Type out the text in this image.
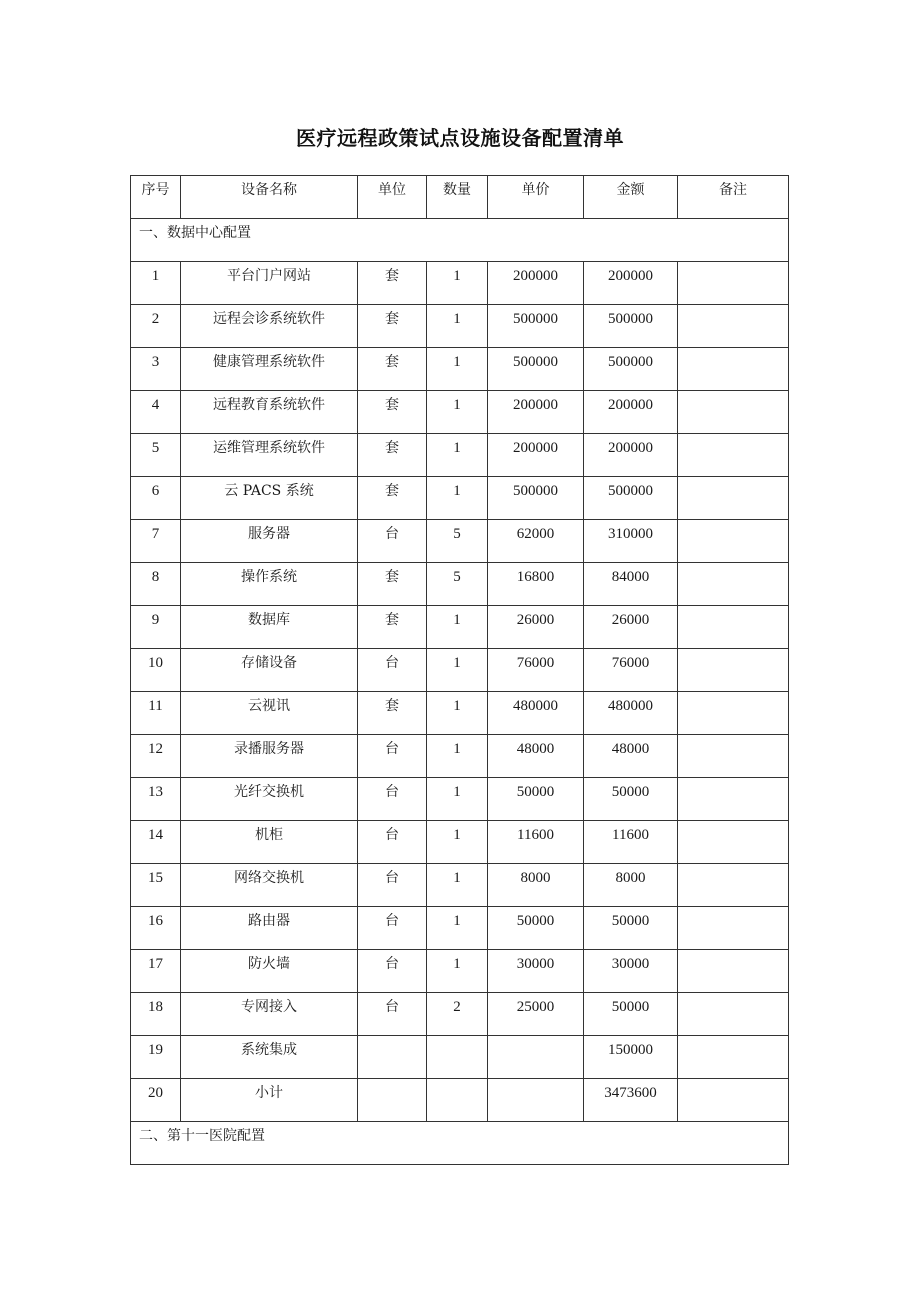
医疗远程政策试点设施设备配置清单
序号	设备名称	单位	数量	单价	金额	备注
一、数据中心配置						
1	平台门户网站	套	1	200000	200000	
2	远程会诊系统软件	套	1	500000	500000	
3	健康管理系统软件	套	1	500000	500000	
4	远程教育系统软件	套	1	200000	200000	
5	运维管理系统软件	套	1	200000	200000	
6	云 PACS 系统	套	1	500000	500000	
7	服务器	台	5	62000	310000	
8	操作系统	套	5	16800	84000	
9	数据库	套	1	26000	26000	
10	存储设备	台	1	76000	76000	
11	云视讯	套	1	480000	480000	
12	录播服务器	台	1	48000	48000	
13	光纤交换机	台	1	50000	50000	
14	机柜	台	1	11600	11600	
15	网络交换机	台	1	8000	8000	
16	路由器	台	1	50000	50000	
17	防火墙	台	1	30000	30000	
18	专网接入	台	2	25000	50000	
19	系统集成				150000	
20	小计				3473600	
二、第十一医院配置						
